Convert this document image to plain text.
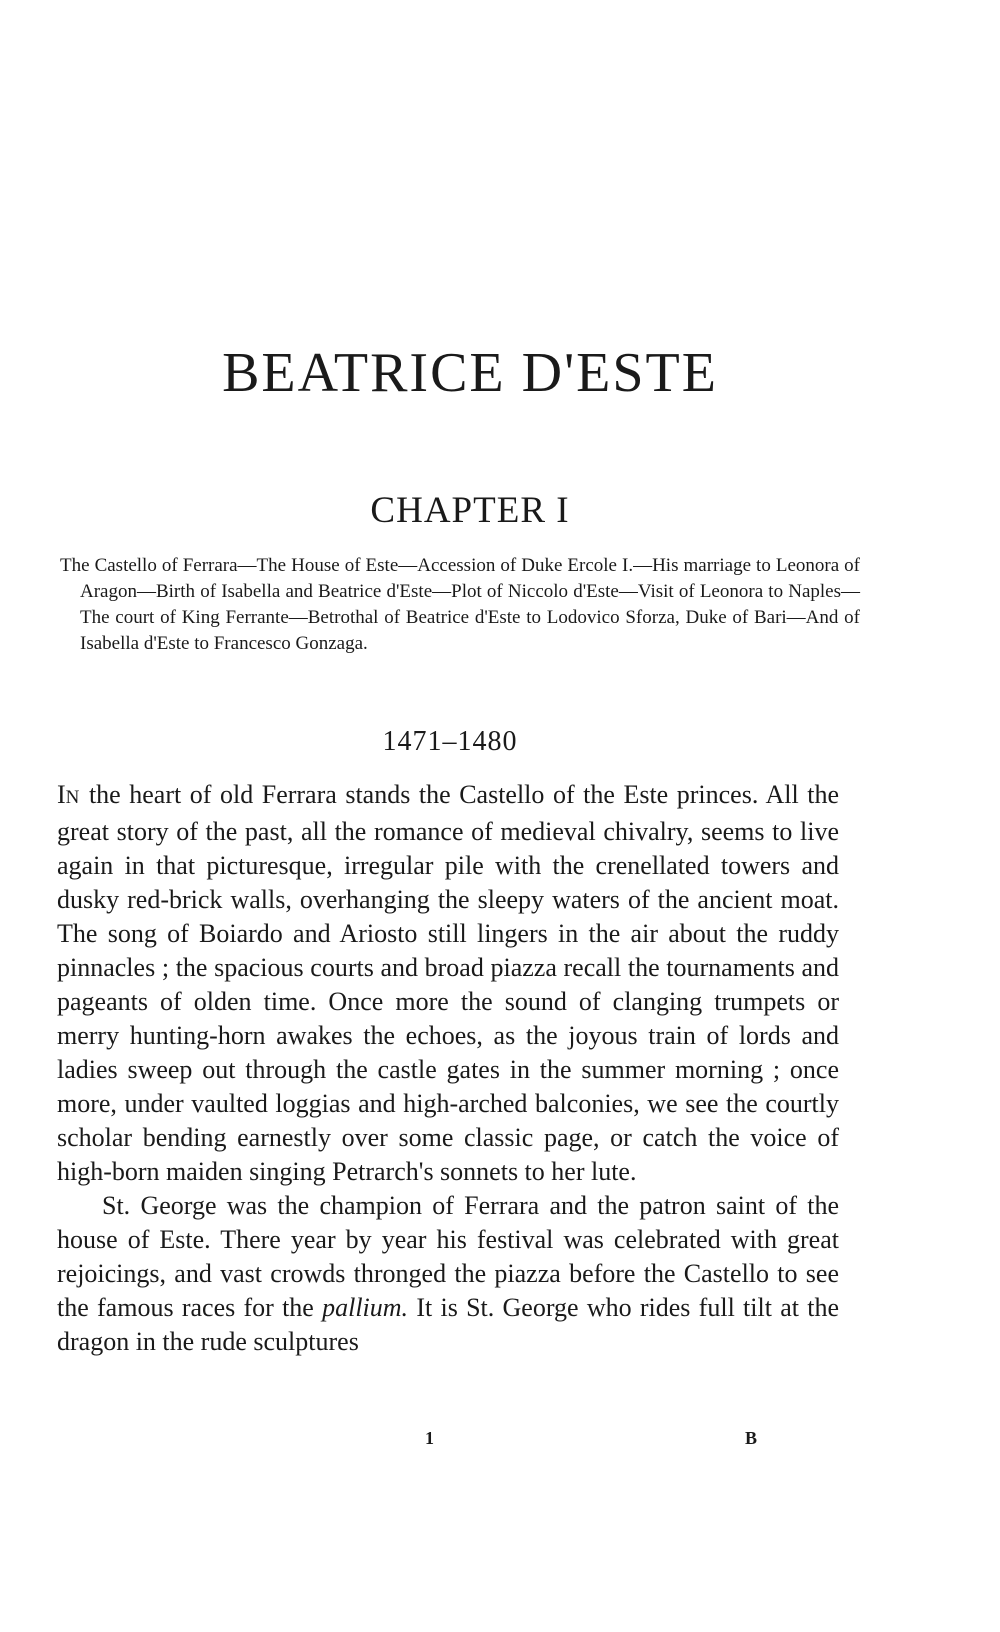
BEATRICE D'ESTE
CHAPTER I

The Castello of Ferrara—The House of Este—Accession of Duke Ercole I.—His marriage to Leonora of Aragon—Birth of Isabella and Beatrice d'Este—Plot of Niccolo d'Este—Visit of Leonora to Naples—The court of King Ferrante—Betrothal of Beatrice d'Este to Lodovico Sforza, Duke of Bari—And of Isabella d'Este to Francesco Gonzaga.

1471–1480

IN the heart of old Ferrara stands the Castello of the Este princes. All the great story of the past, all the romance of medieval chivalry, seems to live again in that picturesque, irregular pile with the crenellated towers and dusky red-brick walls, overhanging the sleepy waters of the ancient moat. The song of Boiardo and Ariosto still lingers in the air about the ruddy pinnacles ; the spacious courts and broad piazza recall the tournaments and pageants of olden time. Once more the sound of clanging trumpets or merry hunting-horn awakes the echoes, as the joyous train of lords and ladies sweep out through the castle gates in the summer morning ; once more, under vaulted loggias and high-arched balconies, we see the courtly scholar bending earnestly over some classic page, or catch the voice of high-born maiden singing Petrarch's sonnets to her lute.

St. George was the champion of Ferrara and the patron saint of the house of Este. There year by year his festival was celebrated with great rejoicings, and vast crowds thronged the piazza before the Castello to see the famous races for the pallium. It is St. George who rides full tilt at the dragon in the rude sculptures

1	B
